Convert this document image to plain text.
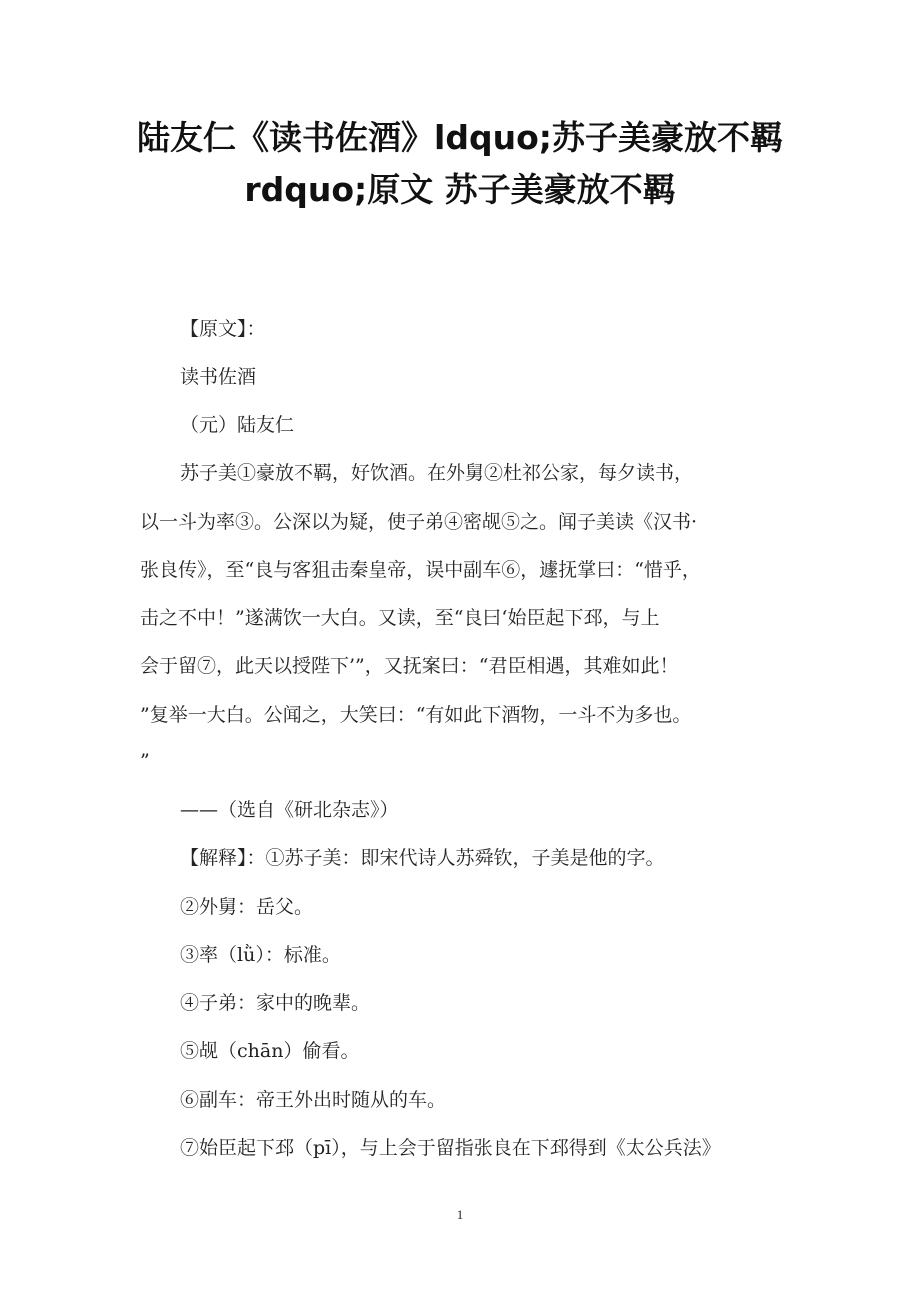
陆友仁《读书佐酒》ldquo;苏子美豪放不羁
rdquo;原文 苏子美豪放不羁
【原文】：
读书佐酒
（元）陆友仁
苏子美①豪放不羁，好饮酒。在外舅②杜祁公家，每夕读书，
以一斗为率③。公深以为疑，使子弟④密觇⑤之。闻子美读《汉书·
张良传》，至“良与客狙击秦皇帝，误中副车⑥，遽抚掌曰：“惜乎，
击之不中！”遂满饮一大白。又读，至“良曰‘始臣起下邳，与上
会于留⑦，此天以授陛下’”，又抚案曰：“君臣相遇，其难如此！
”复举一大白。公闻之，大笑曰：“有如此下酒物，一斗不为多也。
”
——（选自《研北杂志》）
【解释】：①苏子美：即宋代诗人苏舜钦，子美是他的字。
②外舅：岳父。
③率（lǜ）：标准。
④子弟：家中的晚辈。
⑤觇（chān）偷看。
⑥副车：帝王外出时随从的车。
⑦始臣起下邳（pī），与上会于留指张良在下邳得到《太公兵法》
1
